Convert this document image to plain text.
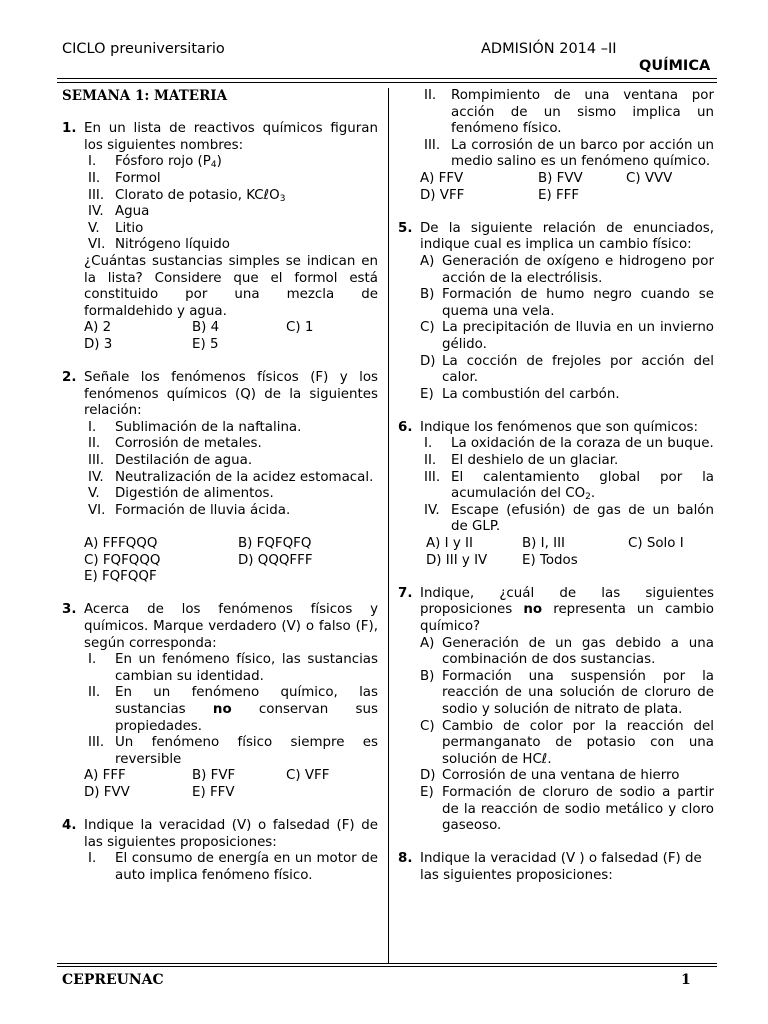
CICLO preuniversitario	ADMISIÓN 2014 –II
QUÍMICA

SEMANA 1: MATERIA

1. En un lista de reactivos químicos figuran los siguientes nombres:

I. Fósforo rojo $(P_4)$
II. Formol
III. Clorato de potasio, KCℓO$_3$
IV. Agua
V. Litio
VI. Nitrógeno líquido

¿Cuántas sustancias simples se indican en la lista? Considere que el formol está constituido por una mezcla de formaldehido y agua.

A) 2	B) 4	C) 1
D) 3	E) 5
2. Señale los fenómenos físicos (F) y los fenómenos químicos (Q) de la siguientes relación:

I. Sublimación de la naftalina.
II. Corrosión de metales.
III. Destilación de agua.
IV. Neutralización de la acidez estomacal.
V. Digestión de alimentos.
VI. Formación de lluvia ácida.
A) FFFQQQ	B) FQFQFQ
C) FQFQQQ	D) QQQFFF
E) FQFQQF
3. Acerca de los fenómenos físicos y químicos. Marque verdadero (V) o falso (F), según corresponda:

I. En un fenómeno físico, las sustancias cambian su identidad.
II. En un fenómeno químico, las sustancias no conservan sus propiedades.
III. Un fenómeno físico siempre es reversible
A) FFF	B) FVF	C) VFF
D) FVV	E) FFV
4. Indique la veracidad (V) o falsedad (F) de las siguientes proposiciones:

I. El consumo de energía en un motor de auto implica fenómeno físico.
II. Rompimiento de una ventana por acción de un sismo implica un fenómeno físico.
III. La corrosión de un barco por acción un medio salino es un fenómeno químico.
A) FFV	B) FVV	C) VVV
D) VFF	E) FFF
5. De la siguiente relación de enunciados, indique cual es implica un cambio físico:

A) Generación de oxígeno e hidrogeno por acción de la electrólisis.
B) Formación de humo negro cuando se quema una vela.
C) La precipitación de lluvia en un invierno gélido.
D) La cocción de frejoles por acción del calor.
E) La combustión del carbón.
6. Indique los fenómenos que son químicos:

I. La oxidación de la coraza de un buque.
II. El deshielo de un glaciar.
III. El calentamiento global por la acumulación del $CO_2$.
IV. Escape (efusión) de gas de un balón de GLP.
A) I y II	B) I, III	C) Solo I
D) III y IV	E) Todos
7. Indique, ¿cuál de las siguientes proposiciones no representa un cambio químico?

A) Generación de un gas debido a una combinación de dos sustancias.
B) Formación una suspensión por la reacción de una solución de cloruro de sodio y solución de nitrato de plata.
C) Cambio de color por la reacción del permanganato de potasio con una solución de HCℓ.
D) Corrosión de una ventana de hierro
E) Formación de cloruro de sodio a partir de la reacción de sodio metálico y cloro gaseoso.
8. Indique la veracidad (V ) o falsedad (F) de las siguientes proposiciones:

CEPREUNAC	1
